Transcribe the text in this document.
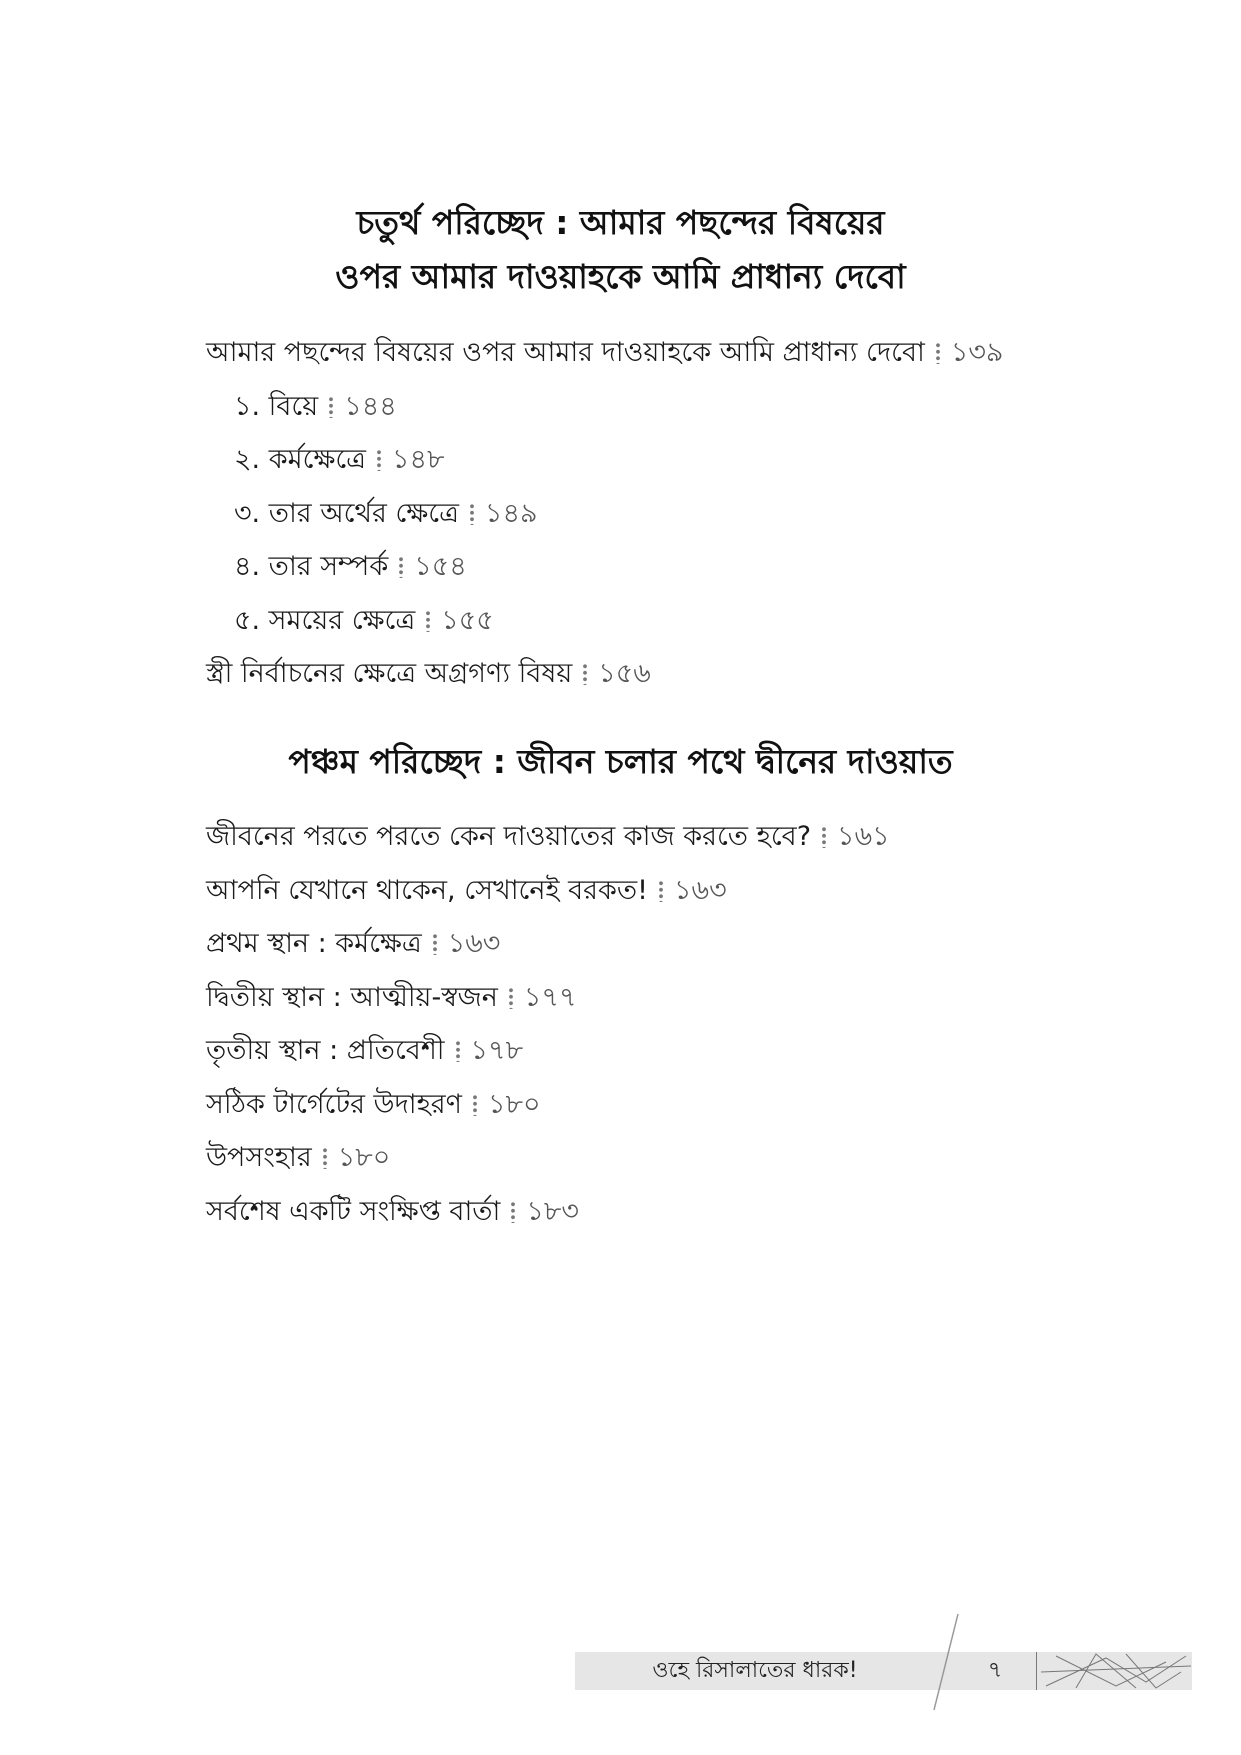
চতুর্থ পরিচ্ছেদ : আমার পছন্দের বিষয়ের
ওপর আমার দাওয়াহকে আমি প্রাধান্য দেবো
আমার পছন্দের বিষয়ের ওপর আমার দাওয়াহকে আমি প্রাধান্য দেবো ১৩৯
১. বিয়ে ১৪৪
২. কর্মক্ষেত্রে ১৪৮
৩. তার অর্থের ক্ষেত্রে ১৪৯
৪. তার সম্পর্ক ১৫৪
৫. সময়ের ক্ষেত্রে ১৫৫
স্ত্রী নির্বাচনের ক্ষেত্রে অগ্রগণ্য বিষয় ১৫৬
পঞ্চম পরিচ্ছেদ : জীবন চলার পথে দ্বীনের দাওয়াত
জীবনের পরতে পরতে কেন দাওয়াতের কাজ করতে হবে? ১৬১
আপনি যেখানে থাকেন, সেখানেই বরকত! ১৬৩
প্রথম স্থান : কর্মক্ষেত্র ১৬৩
দ্বিতীয় স্থান : আত্মীয়-স্বজন ১৭৭
তৃতীয় স্থান : প্রতিবেশী ১৭৮
সঠিক টার্গেটের উদাহরণ ১৮০
উপসংহার ১৮০
সর্বশেষ একটি সংক্ষিপ্ত বার্তা ১৮৩
ওহে রিসালাতের ধারক!	৭
